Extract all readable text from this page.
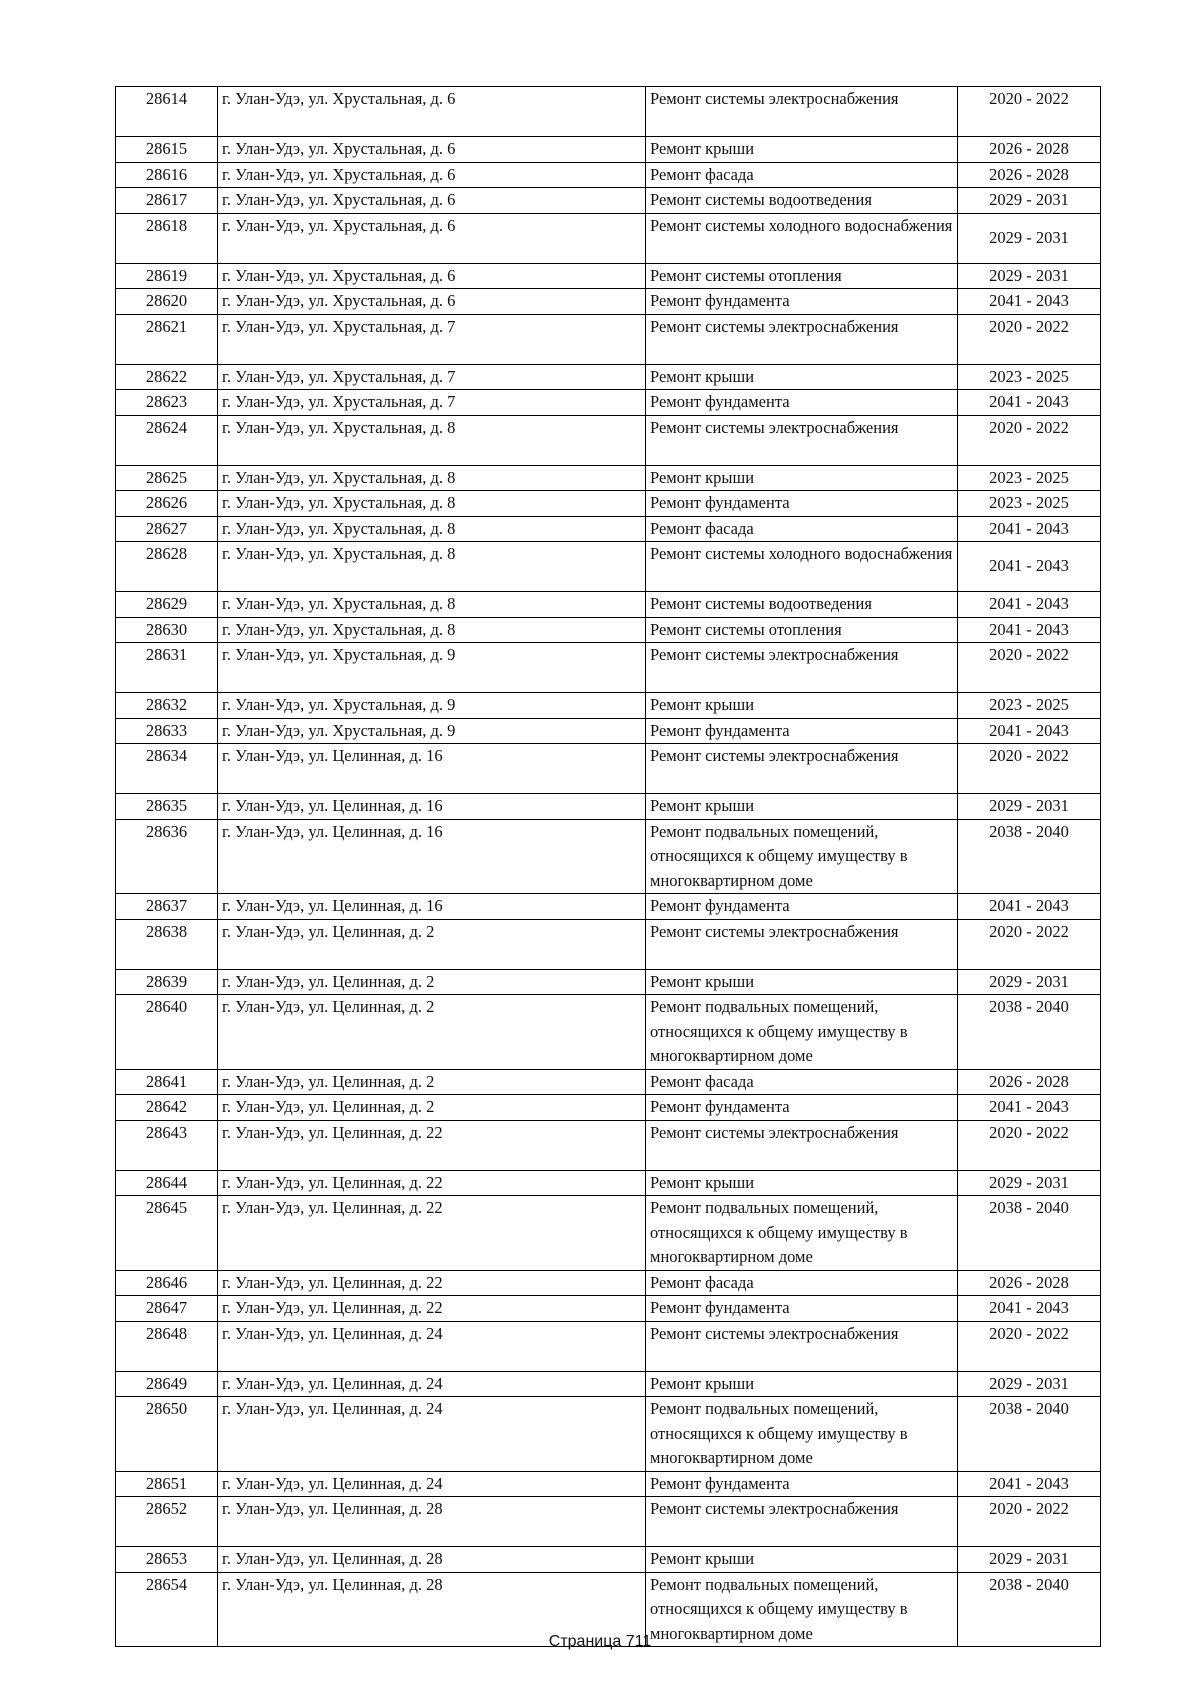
28614	г. Улан-Удэ, ул. Хрустальная, д. 6	Ремонт системы электроснабжения	2020 - 2022
28615	г. Улан-Удэ, ул. Хрустальная, д. 6	Ремонт крыши	2026 - 2028
28616	г. Улан-Удэ, ул. Хрустальная, д. 6	Ремонт фасада	2026 - 2028
28617	г. Улан-Удэ, ул. Хрустальная, д. 6	Ремонт системы водоотведения	2029 - 2031
28618	г. Улан-Удэ, ул. Хрустальная, д. 6	Ремонт системы холодного водоснабжения	2029 - 2031
28619	г. Улан-Удэ, ул. Хрустальная, д. 6	Ремонт системы отопления	2029 - 2031
28620	г. Улан-Удэ, ул. Хрустальная, д. 6	Ремонт фундамента	2041 - 2043
28621	г. Улан-Удэ, ул. Хрустальная, д. 7	Ремонт системы электроснабжения	2020 - 2022
28622	г. Улан-Удэ, ул. Хрустальная, д. 7	Ремонт крыши	2023 - 2025
28623	г. Улан-Удэ, ул. Хрустальная, д. 7	Ремонт фундамента	2041 - 2043
28624	г. Улан-Удэ, ул. Хрустальная, д. 8	Ремонт системы электроснабжения	2020 - 2022
28625	г. Улан-Удэ, ул. Хрустальная, д. 8	Ремонт крыши	2023 - 2025
28626	г. Улан-Удэ, ул. Хрустальная, д. 8	Ремонт фундамента	2023 - 2025
28627	г. Улан-Удэ, ул. Хрустальная, д. 8	Ремонт фасада	2041 - 2043
28628	г. Улан-Удэ, ул. Хрустальная, д. 8	Ремонт системы холодного водоснабжения	2041 - 2043
28629	г. Улан-Удэ, ул. Хрустальная, д. 8	Ремонт системы водоотведения	2041 - 2043
28630	г. Улан-Удэ, ул. Хрустальная, д. 8	Ремонт системы отопления	2041 - 2043
28631	г. Улан-Удэ, ул. Хрустальная, д. 9	Ремонт системы электроснабжения	2020 - 2022
28632	г. Улан-Удэ, ул. Хрустальная, д. 9	Ремонт крыши	2023 - 2025
28633	г. Улан-Удэ, ул. Хрустальная, д. 9	Ремонт фундамента	2041 - 2043
28634	г. Улан-Удэ, ул. Целинная, д. 16	Ремонт системы электроснабжения	2020 - 2022
28635	г. Улан-Удэ, ул. Целинная, д. 16	Ремонт крыши	2029 - 2031
28636	г. Улан-Удэ, ул. Целинная, д. 16	Ремонт подвальных помещений, относящихся к общему имуществу в многоквартирном доме	2038 - 2040
28637	г. Улан-Удэ, ул. Целинная, д. 16	Ремонт фундамента	2041 - 2043
28638	г. Улан-Удэ, ул. Целинная, д. 2	Ремонт системы электроснабжения	2020 - 2022
28639	г. Улан-Удэ, ул. Целинная, д. 2	Ремонт крыши	2029 - 2031
28640	г. Улан-Удэ, ул. Целинная, д. 2	Ремонт подвальных помещений, относящихся к общему имуществу в многоквартирном доме	2038 - 2040
28641	г. Улан-Удэ, ул. Целинная, д. 2	Ремонт фасада	2026 - 2028
28642	г. Улан-Удэ, ул. Целинная, д. 2	Ремонт фундамента	2041 - 2043
28643	г. Улан-Удэ, ул. Целинная, д. 22	Ремонт системы электроснабжения	2020 - 2022
28644	г. Улан-Удэ, ул. Целинная, д. 22	Ремонт крыши	2029 - 2031
28645	г. Улан-Удэ, ул. Целинная, д. 22	Ремонт подвальных помещений, относящихся к общему имуществу в многоквартирном доме	2038 - 2040
28646	г. Улан-Удэ, ул. Целинная, д. 22	Ремонт фасада	2026 - 2028
28647	г. Улан-Удэ, ул. Целинная, д. 22	Ремонт фундамента	2041 - 2043
28648	г. Улан-Удэ, ул. Целинная, д. 24	Ремонт системы электроснабжения	2020 - 2022
28649	г. Улан-Удэ, ул. Целинная, д. 24	Ремонт крыши	2029 - 2031
28650	г. Улан-Удэ, ул. Целинная, д. 24	Ремонт подвальных помещений, относящихся к общему имуществу в многоквартирном доме	2038 - 2040
28651	г. Улан-Удэ, ул. Целинная, д. 24	Ремонт фундамента	2041 - 2043
28652	г. Улан-Удэ, ул. Целинная, д. 28	Ремонт системы электроснабжения	2020 - 2022
28653	г. Улан-Удэ, ул. Целинная, д. 28	Ремонт крыши	2029 - 2031
28654	г. Улан-Удэ, ул. Целинная, д. 28	Ремонт подвальных помещений, относящихся к общему имуществу в многоквартирном доме	2038 - 2040
Страница 711
